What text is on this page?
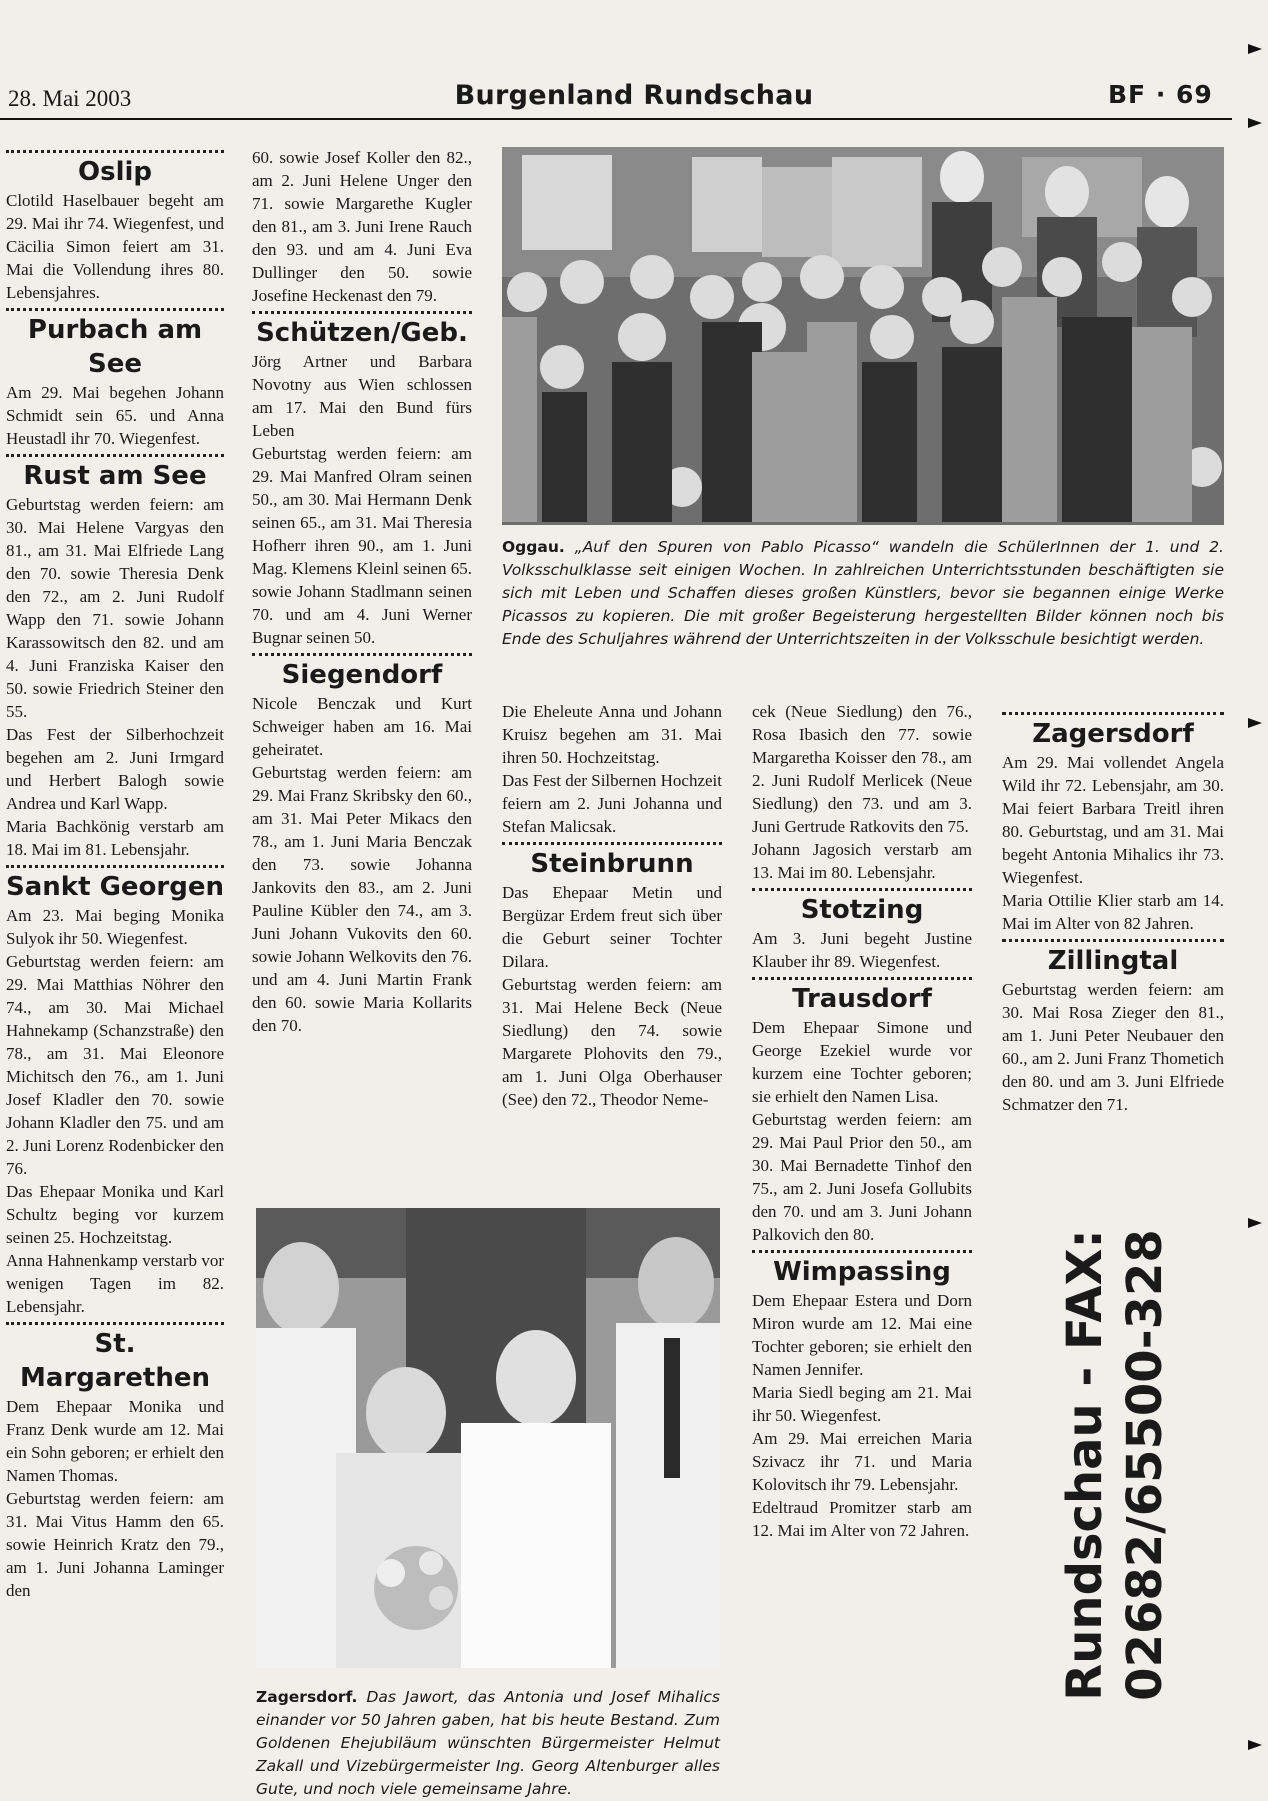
28. Mai 2003	Burgenland Rundschau	BF · 69
Oslip

Clotild Haselbauer begeht am 29. Mai ihr 74. Wiegenfest, und Cäcilia Simon feiert am 31. Mai die Vollendung ihres 80. Lebensjahres.

Purbach am See

Am 29. Mai begehen Johann Schmidt sein 65. und Anna Heustadl ihr 70. Wiegenfest.

Rust am See

Geburtstag werden feiern: am 30. Mai Helene Vargyas den 81., am 31. Mai Elfriede Lang den 70. sowie Theresia Denk den 72., am 2. Juni Rudolf Wapp den 71. sowie Johann Karassowitsch den 82. und am 4. Juni Franziska Kaiser den 50. sowie Friedrich Steiner den 55.

Das Fest der Silberhochzeit begehen am 2. Juni Irmgard und Herbert Balogh sowie Andrea und Karl Wapp.

Maria Bachkönig verstarb am 18. Mai im 81. Lebensjahr.

Sankt Georgen

Am 23. Mai beging Monika Sulyok ihr 50. Wiegenfest.

Geburtstag werden feiern: am 29. Mai Matthias Nöhrer den 74., am 30. Mai Michael Hahnekamp (Schanzstraße) den 78., am 31. Mai Eleonore Michitsch den 76., am 1. Juni Josef Kladler den 70. sowie Johann Kladler den 75. und am 2. Juni Lorenz Rodenbicker den 76.

Das Ehepaar Monika und Karl Schultz beging vor kurzem seinen 25. Hochzeitstag.

Anna Hahnenkamp verstarb vor wenigen Tagen im 82. Lebensjahr.

St. Margarethen

Dem Ehepaar Monika und Franz Denk wurde am 12. Mai ein Sohn geboren; er erhielt den Namen Thomas.

Geburtstag werden feiern: am 31. Mai Vitus Hamm den 65. sowie Heinrich Kratz den 79., am 1. Juni Johanna Laminger den

60. sowie Josef Koller den 82., am 2. Juni Helene Unger den 71. sowie Margarethe Kugler den 81., am 3. Juni Irene Rauch den 93. und am 4. Juni Eva Dullinger den 50. sowie Josefine Heckenast den 79.

Schützen/Geb.

Jörg Artner und Barbara Novotny aus Wien schlossen am 17. Mai den Bund fürs Leben

Geburtstag werden feiern: am 29. Mai Manfred Olram seinen 50., am 30. Mai Hermann Denk seinen 65., am 31. Mai Theresia Hofherr ihren 90., am 1. Juni Mag. Klemens Kleinl seinen 65. sowie Johann Stadlmann seinen 70. und am 4. Juni Werner Bugnar seinen 50.

Siegendorf

Nicole Benczak und Kurt Schweiger haben am 16. Mai geheiratet.

Geburtstag werden feiern: am 29. Mai Franz Skribsky den 60., am 31. Mai Peter Mikacs den 78., am 1. Juni Maria Benczak den 73. sowie Johanna Jankovits den 83., am 2. Juni Pauline Kübler den 74., am 3. Juni Johann Vukovits den 60. sowie Johann Welkovits den 76. und am 4. Juni Martin Frank den 60. sowie Maria Kollarits den 70.

Oggau. „Auf den Spuren von Pablo Picasso“ wandeln die SchülerInnen der 1. und 2. Volksschulklasse seit einigen Wochen. In zahlreichen Unterrichtsstunden beschäftigten sie sich mit Leben und Schaffen dieses großen Künstlers, bevor sie begannen einige Werke Picassos zu kopieren. Die mit großer Begeisterung hergestellten Bilder können noch bis Ende des Schuljahres während der Unterrichtszeiten in der Volksschule besichtigt werden.

Die Eheleute Anna und Johann Kruisz begehen am 31. Mai ihren 50. Hochzeitstag.

Das Fest der Silbernen Hochzeit feiern am 2. Juni Johanna und Stefan Malicsak.

Steinbrunn

Das Ehepaar Metin und Bergüzar Erdem freut sich über die Geburt seiner Tochter Dilara.

Geburtstag werden feiern: am 31. Mai Helene Beck (Neue Siedlung) den 74. sowie Margarete Plohovits den 79., am 1. Juni Olga Oberhauser (See) den 72., Theodor Neme-

cek (Neue Siedlung) den 76., Rosa Ibasich den 77. sowie Margaretha Koisser den 78., am 2. Juni Rudolf Merlicek (Neue Siedlung) den 73. und am 3. Juni Gertrude Ratkovits den 75.

Johann Jagosich verstarb am 13. Mai im 80. Lebensjahr.

Stotzing

Am 3. Juni begeht Justine Klauber ihr 89. Wiegenfest.

Trausdorf

Dem Ehepaar Simone und George Ezekiel wurde vor kurzem eine Tochter geboren; sie erhielt den Namen Lisa.

Geburtstag werden feiern: am 29. Mai Paul Prior den 50., am 30. Mai Bernadette Tinhof den 75., am 2. Juni Josefa Gollubits den 70. und am 3. Juni Johann Palkovich den 80.

Wimpassing

Dem Ehepaar Estera und Dorn Miron wurde am 12. Mai eine Tochter geboren; sie erhielt den Namen Jennifer.

Maria Siedl beging am 21. Mai ihr 50. Wiegenfest.

Am 29. Mai erreichen Maria Szivacz ihr 71. und Maria Kolovitsch ihr 79. Lebensjahr.

Edeltraud Promitzer starb am 12. Mai im Alter von 72 Jahren.

Zagersdorf

Am 29. Mai vollendet Angela Wild ihr 72. Lebensjahr, am 30. Mai feiert Barbara Treitl ihren 80. Geburtstag, und am 31. Mai begeht Antonia Mihalics ihr 73. Wiegenfest.

Maria Ottilie Klier starb am 14. Mai im Alter von 82 Jahren.

Zillingtal

Geburtstag werden feiern: am 30. Mai Rosa Zieger den 81., am 1. Juni Peter Neubauer den 60., am 2. Juni Franz Thometich den 80. und am 3. Juni Elfriede Schmatzer den 71.

Rundschau - FAX:
02682/65500-328
Zagersdorf. Das Jawort, das Antonia und Josef Mihalics einander vor 50 Jahren gaben, hat bis heute Bestand. Zum Goldenen Ehejubiläum wünschten Bürgermeister Helmut Zakall und Vizebürgermeister Ing. Georg Altenburger alles Gute, und noch viele gemeinsame Jahre.
